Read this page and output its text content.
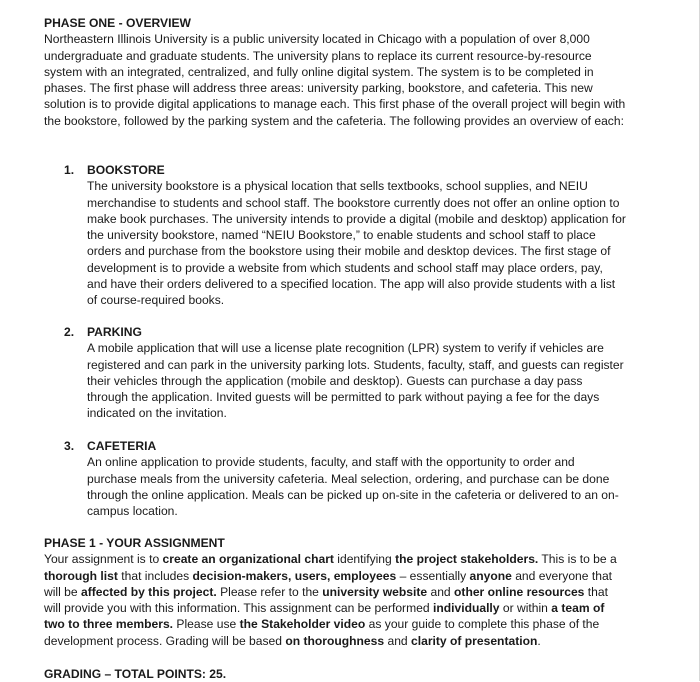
PHASE ONE - OVERVIEW

Northeastern Illinois University is a public university located in Chicago with a population of over 8,000 undergraduate and graduate students. The university plans to replace its current resource-by-resource system with an integrated, centralized, and fully online digital system. The system is to be completed in phases. The first phase will address three areas: university parking, bookstore, and cafeteria. This new solution is to provide digital applications to manage each. This first phase of the overall project will begin with the bookstore, followed by the parking system and the cafeteria. The following provides an overview of each:

1.	BOOKSTORE

The university bookstore is a physical location that sells textbooks, school supplies, and NEIU merchandise to students and school staff. The bookstore currently does not offer an online option to make book purchases. The university intends to provide a digital (mobile and desktop) application for the university bookstore, named “NEIU Bookstore,” to enable students and school staff to place orders and purchase from the bookstore using their mobile and desktop devices. The first stage of development is to provide a website from which students and school staff may place orders, pay, and have their orders delivered to a specified location. The app will also provide students with a list of course-required books.

2.	PARKING

A mobile application that will use a license plate recognition (LPR) system to verify if vehicles are registered and can park in the university parking lots. Students, faculty, staff, and guests can register their vehicles through the application (mobile and desktop). Guests can purchase a day pass through the application. Invited guests will be permitted to park without paying a fee for the days indicated on the invitation.

3.	CAFETERIA

An online application to provide students, faculty, and staff with the opportunity to order and purchase meals from the university cafeteria. Meal selection, ordering, and purchase can be done through the online application. Meals can be picked up on-site in the cafeteria or delivered to an on-campus location.

PHASE 1 - YOUR ASSIGNMENT

Your assignment is to create an organizational chart identifying the project stakeholders. This is to be a thorough list that includes decision-makers, users, employees – essentially anyone and everyone that will be affected by this project. Please refer to the university website and other online resources that will provide you with this information. This assignment can be performed individually or within a team of two to three members. Please use the Stakeholder video as your guide to complete this phase of the development process. Grading will be based on thoroughness and clarity of presentation.

GRADING – TOTAL POINTS: 25.
